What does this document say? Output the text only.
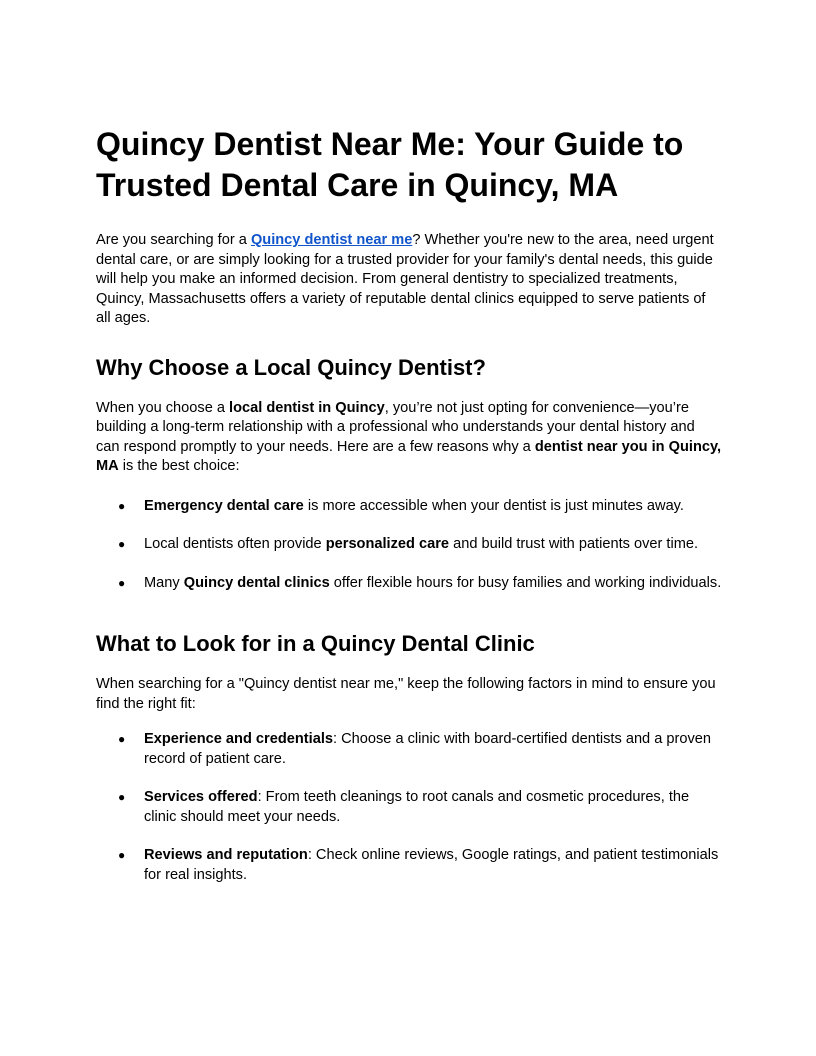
Quincy Dentist Near Me: Your Guide to Trusted Dental Care in Quincy, MA

Are you searching for a Quincy dentist near me? Whether you're new to the area, need urgent dental care, or are simply looking for a trusted provider for your family's dental needs, this guide will help you make an informed decision. From general dentistry to specialized treatments, Quincy, Massachusetts offers a variety of reputable dental clinics equipped to serve patients of all ages.

Why Choose a Local Quincy Dentist?

When you choose a local dentist in Quincy, you’re not just opting for convenience—you’re building a long-term relationship with a professional who understands your dental history and can respond promptly to your needs. Here are a few reasons why a dentist near you in Quincy, MA is the best choice:

● Emergency dental care is more accessible when your dentist is just minutes away.
● Local dentists often provide personalized care and build trust with patients over time.
● Many Quincy dental clinics offer flexible hours for busy families and working individuals.
What to Look for in a Quincy Dental Clinic

When searching for a "Quincy dentist near me," keep the following factors in mind to ensure you find the right fit:

● Experience and credentials: Choose a clinic with board-certified dentists and a proven record of patient care.
● Services offered: From teeth cleanings to root canals and cosmetic procedures, the clinic should meet your needs.
● Reviews and reputation: Check online reviews, Google ratings, and patient testimonials for real insights.
